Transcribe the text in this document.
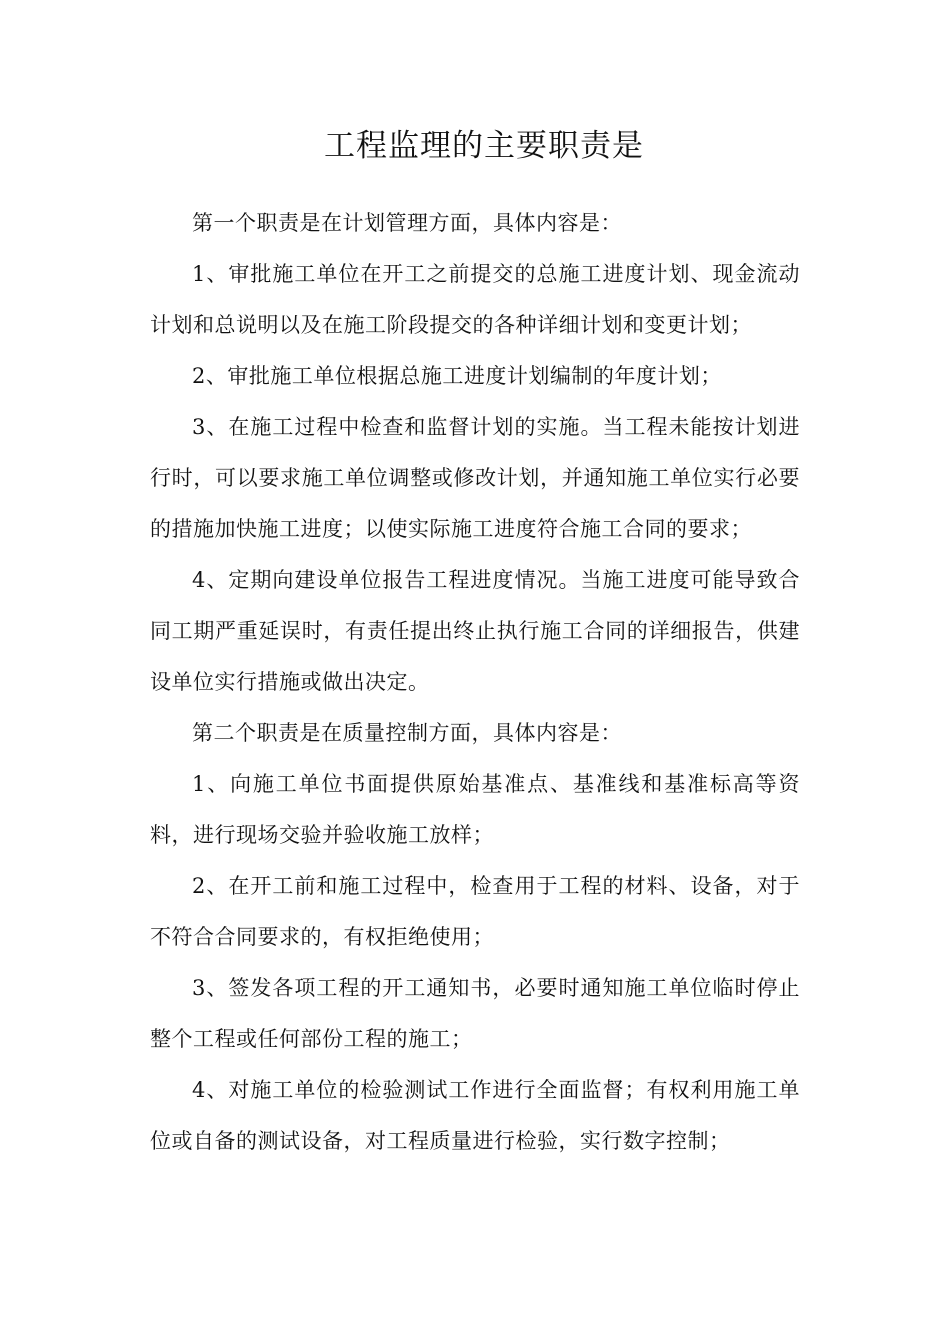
工程监理的主要职责是

第一个职责是在计划管理方面，具体内容是：

1、审批施工单位在开工之前提交的总施工进度计划、现金流动计划和总说明以及在施工阶段提交的各种详细计划和变更计划；

2、审批施工单位根据总施工进度计划编制的年度计划；

3、在施工过程中检查和监督计划的实施。当工程未能按计划进行时，可以要求施工单位调整或修改计划，并通知施工单位实行必要的措施加快施工进度；以使实际施工进度符合施工合同的要求；

4、定期向建设单位报告工程进度情况。当施工进度可能导致合同工期严重延误时，有责任提出终止执行施工合同的详细报告，供建设单位实行措施或做出决定。

第二个职责是在质量控制方面，具体内容是：

1、向施工单位书面提供原始基准点、基准线和基准标高等资料，进行现场交验并验收施工放样；

2、在开工前和施工过程中，检查用于工程的材料、设备，对于不符合合同要求的，有权拒绝使用；

3、签发各项工程的开工通知书，必要时通知施工单位临时停止整个工程或任何部份工程的施工；

4、对施工单位的检验测试工作进行全面监督；有权利用施工单位或自备的测试设备，对工程质量进行检验，实行数字控制；
